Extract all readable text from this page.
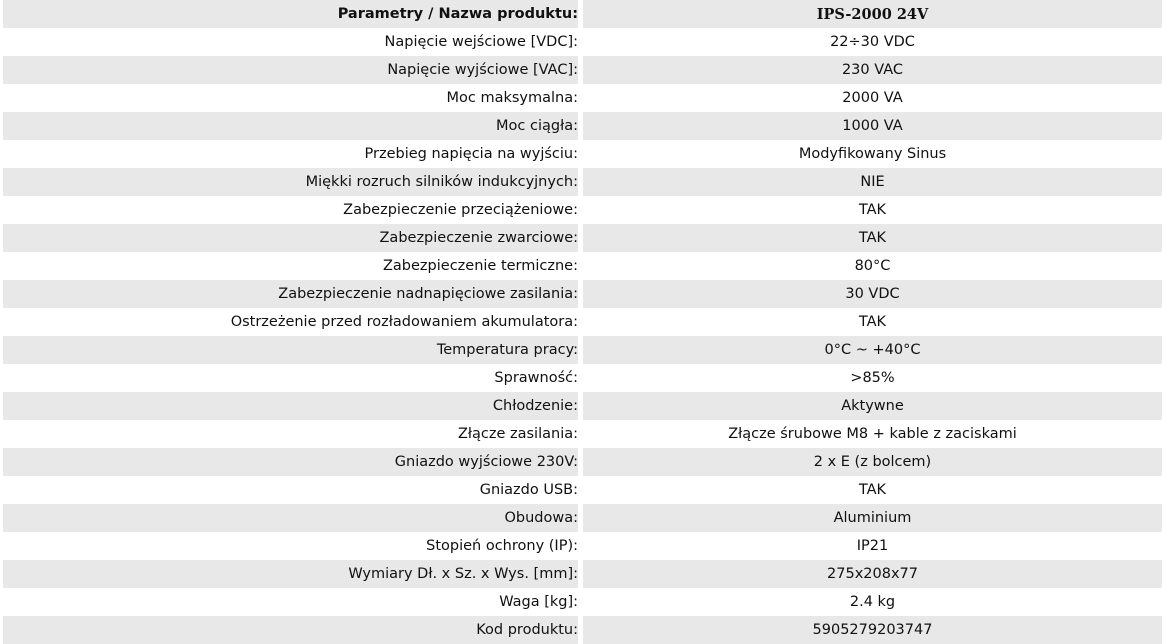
Parametry / Nazwa produktu:	IPS-2000 24V
Napięcie wejściowe [VDC]:	22÷30 VDC
Napięcie wyjściowe [VAC]:	230 VAC
Moc maksymalna:	2000 VA
Moc ciągła:	1000 VA
Przebieg napięcia na wyjściu:	Modyfikowany Sinus
Miękki rozruch silników indukcyjnych:	NIE
Zabezpieczenie przeciążeniowe:	TAK
Zabezpieczenie zwarciowe:	TAK
Zabezpieczenie termiczne:	80°C
Zabezpieczenie nadnapięciowe zasilania:	30 VDC
Ostrzeżenie przed rozładowaniem akumulatora:	TAK
Temperatura pracy:	0°C ~ +40°C
Sprawność:	>85%
Chłodzenie:	Aktywne
Złącze zasilania:	Złącze śrubowe M8 + kable z zaciskami
Gniazdo wyjściowe 230V:	2 x E (z bolcem)
Gniazdo USB:	TAK
Obudowa:	Aluminium
Stopień ochrony (IP):	IP21
Wymiary Dł. x Sz. x Wys. [mm]:	275x208x77
Waga [kg]:	2.4 kg
Kod produktu:	5905279203747
